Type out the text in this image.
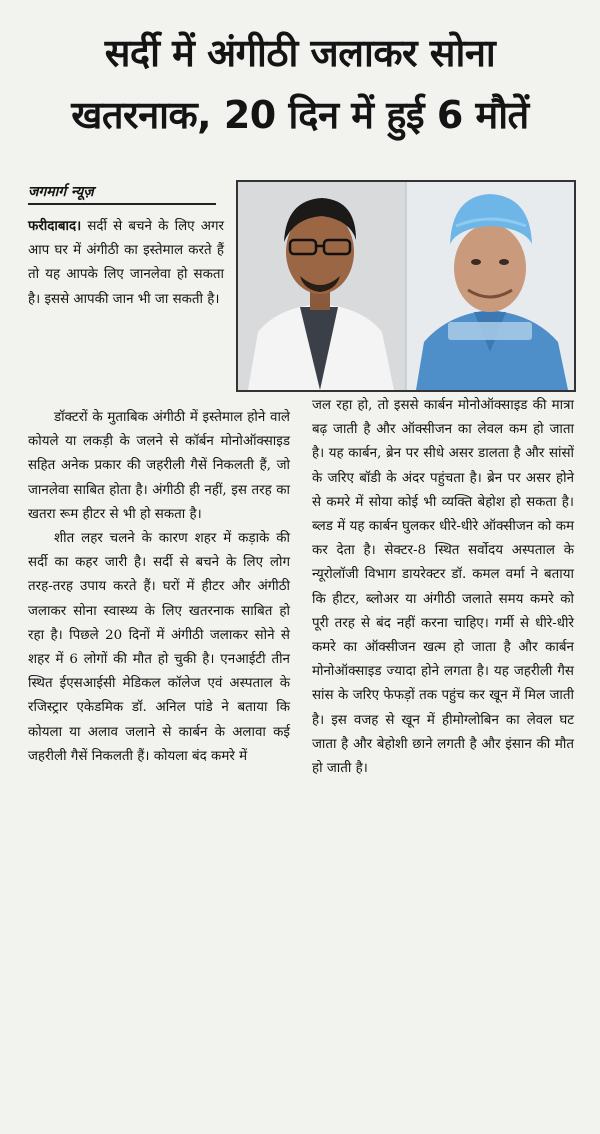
सर्दी में अंगीठी जलाकर सोना
खतरनाक, 20 दिन में हुई 6 मौतें
जगमार्ग न्यूज़

फरीदाबाद। सर्दी से बचने के लिए अगर आप घर में अंगीठी का इस्तेमाल करते हैं तो यह आपके लिए जानलेवा हो सकता है। इससे आपकी जान भी जा सकती है।

डॉक्टरों के मुताबिक अंगीठी में इस्तेमाल होने वाले कोयले या लकड़ी के जलने से कॉर्बन मोनोऑक्साइड सहित अनेक प्रकार की जहरीली गैसें निकलती हैं, जो जानलेवा साबित होता है। अंगीठी ही नहीं, इस तरह का खतरा रूम हीटर से भी हो सकता है।

शीत लहर चलने के कारण शहर में कड़ाके की सर्दी का कहर जारी है। सर्दी से बचने के लिए लोग तरह-तरह उपाय करते हैं। घरों में हीटर और अंगीठी जलाकर सोना स्वास्थ्य के लिए खतरनाक साबित हो रहा है। पिछले 20 दिनों में अंगीठी जलाकर सोने से शहर में 6 लोगों की मौत हो चुकी है। एनआईटी तीन स्थित ईएसआईसी मेडिकल कॉलेज एवं अस्पताल के रजिस्ट्रार एकेडमिक डॉ. अनिल पांडे ने बताया कि कोयला या अलाव जलाने से कार्बन के अलावा कई जहरीली गैसें निकलती हैं। कोयला बंद कमरे में

जल रहा हो, तो इससे कार्बन मोनोऑक्साइड की मात्रा बढ़ जाती है और ऑक्सीजन का लेवल कम हो जाता है। यह कार्बन, ब्रेन पर सीधे असर डालता है और सांसों के जरिए बॉडी के अंदर पहुंचता है। ब्रेन पर असर होने से कमरे में सोया कोई भी व्यक्ति बेहोश हो सकता है। ब्लड में यह कार्बन घुलकर धीरे-धीरे ऑक्सीजन को कम कर देता है। सेक्टर-8 स्थित सर्वोदय अस्पताल के न्यूरोलॉजी विभाग डायरेक्टर डॉ. कमल वर्मा ने बताया कि हीटर, ब्लोअर या अंगीठी जलाते समय कमरे को पूरी तरह से बंद नहीं करना चाहिए। गर्मी से धीरे-धीरे कमरे का ऑक्सीजन खत्म हो जाता है और कार्बन मोनोऑक्साइड ज्यादा होने लगता है। यह जहरीली गैस सांस के जरिए फेफड़ों तक पहुंच कर खून में मिल जाती है। इस वजह से खून में हीमोग्लोबिन का लेवल घट जाता है और बेहोशी छाने लगती है और इंसान की मौत हो जाती है।
